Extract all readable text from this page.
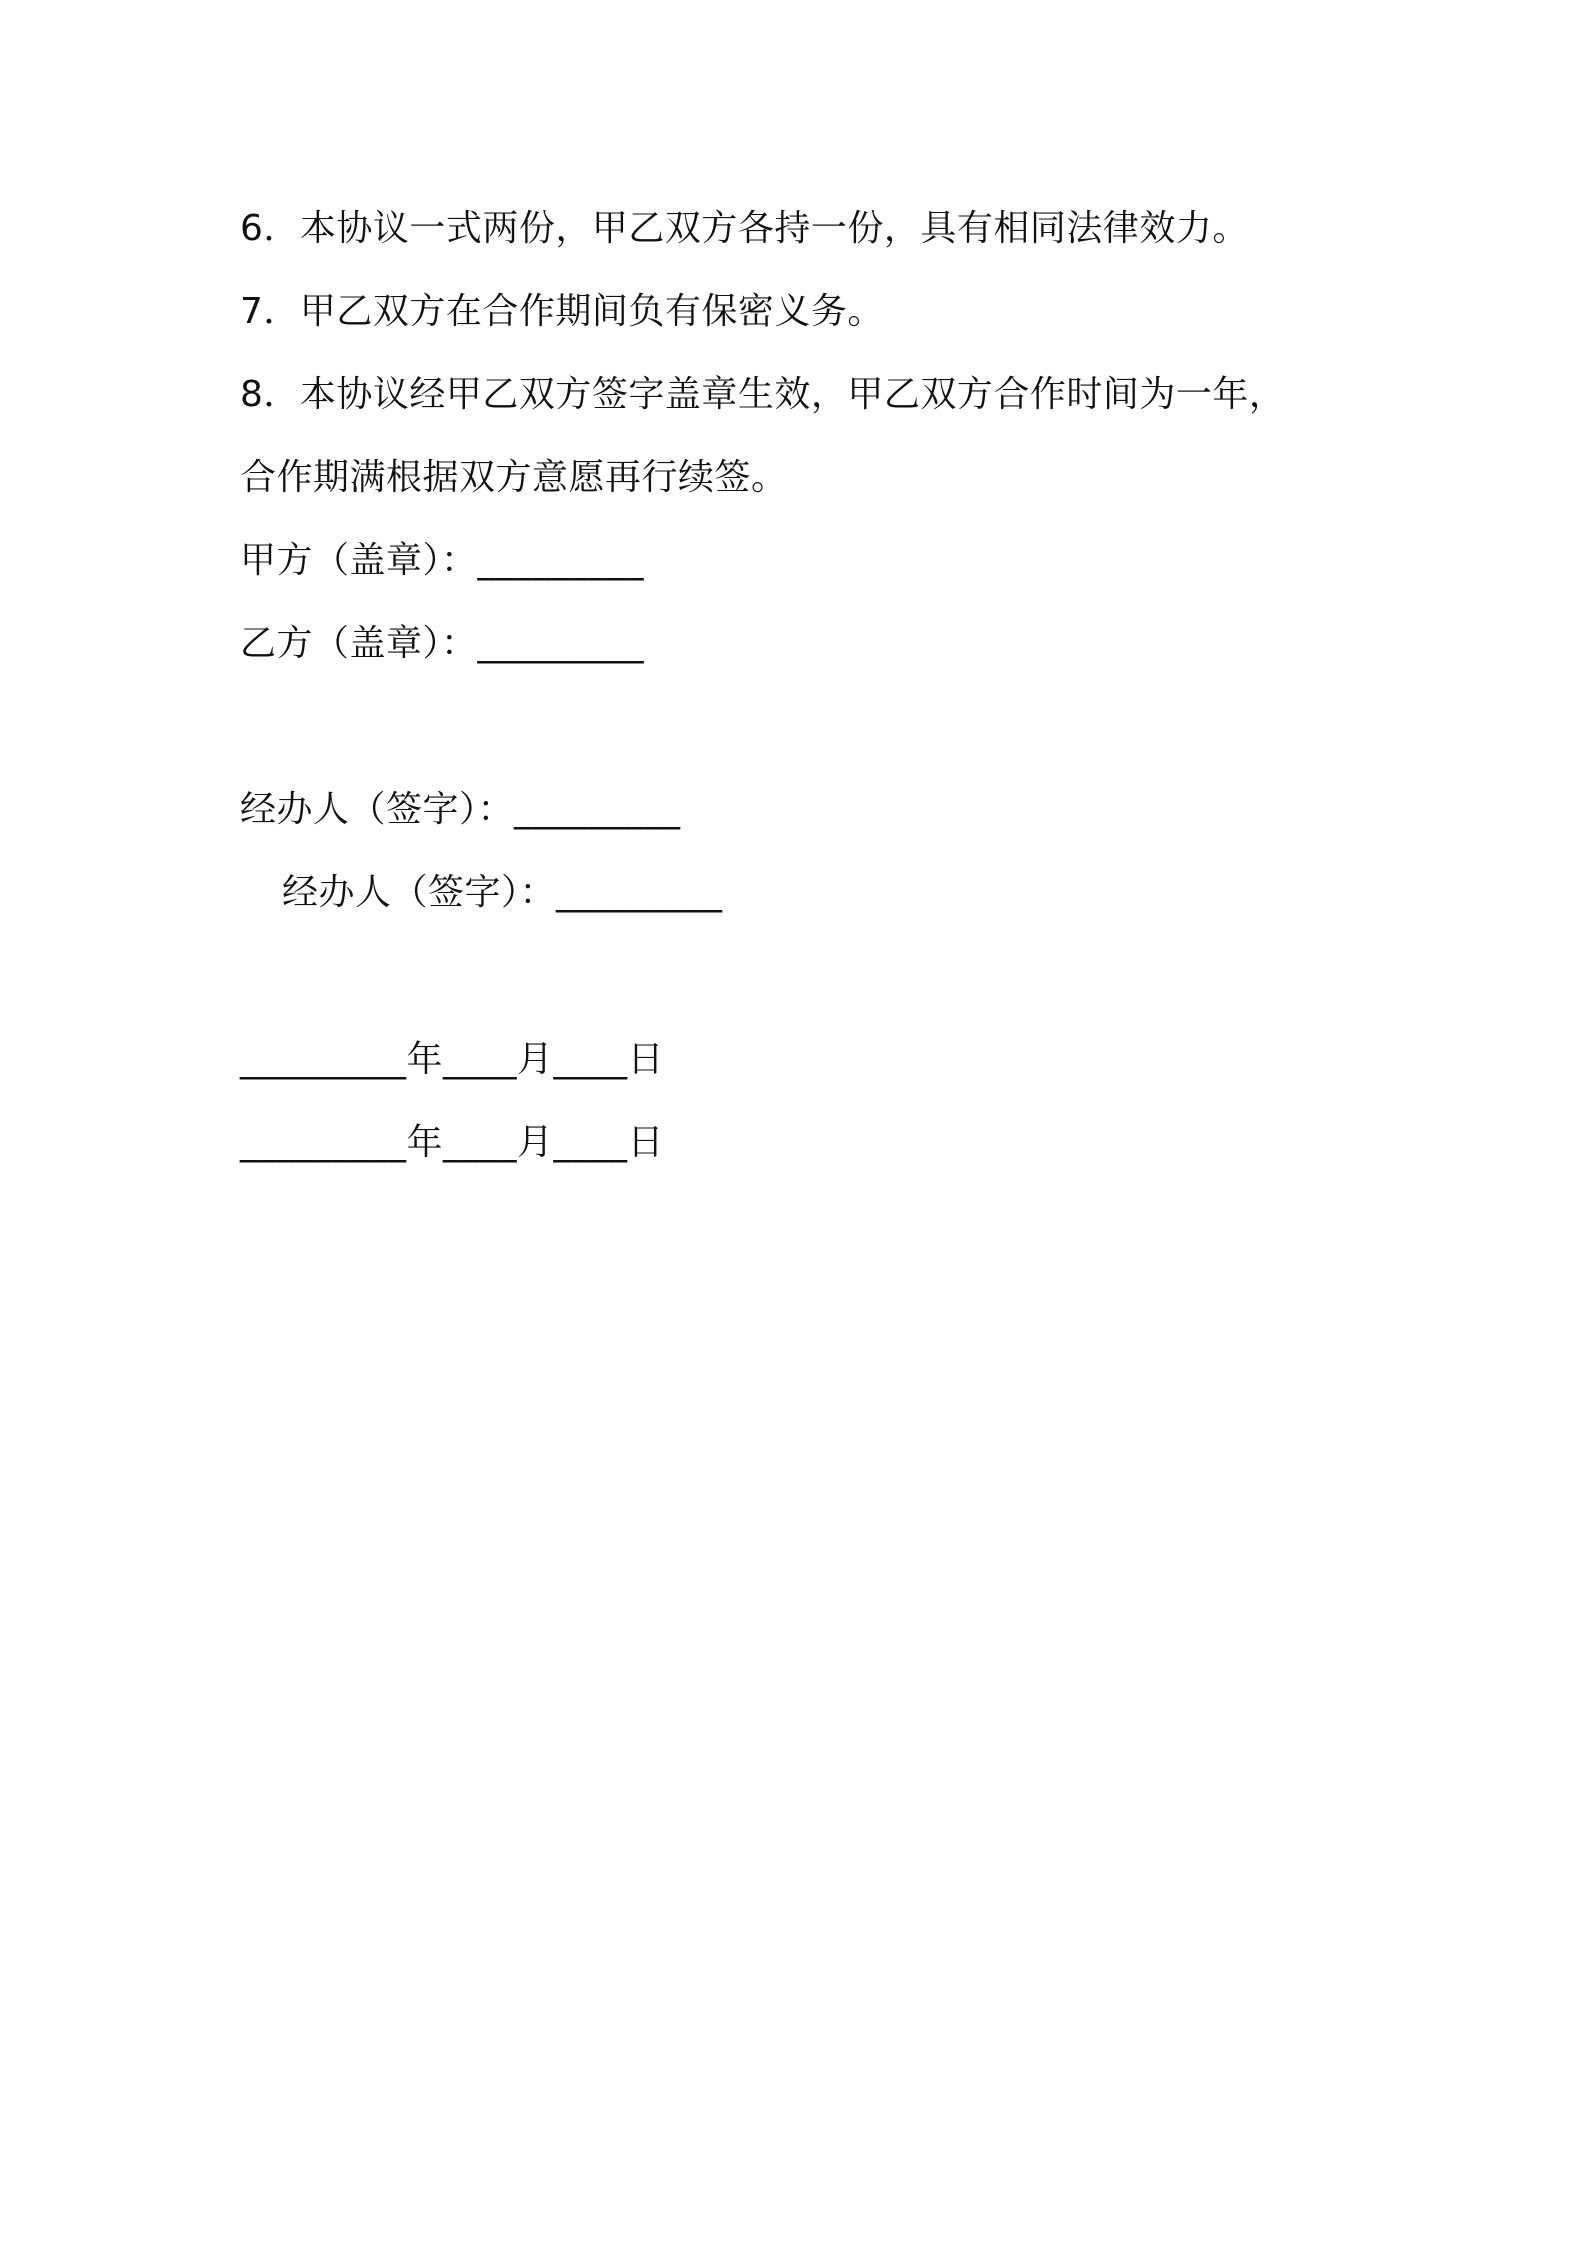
6．本协议一式两份，甲乙双方各持一份，具有相同法律效力。
7．甲乙双方在合作期间负有保密义务。
8．本协议经甲乙双方签字盖章生效，甲乙双方合作时间为一年，
合作期满根据双方意愿再行续签。
甲方（盖章）：_________
乙方（盖章）：_________
经办人（签字）：_________
经办人（签字）：_________
_________年____月____日
_________年____月____日
